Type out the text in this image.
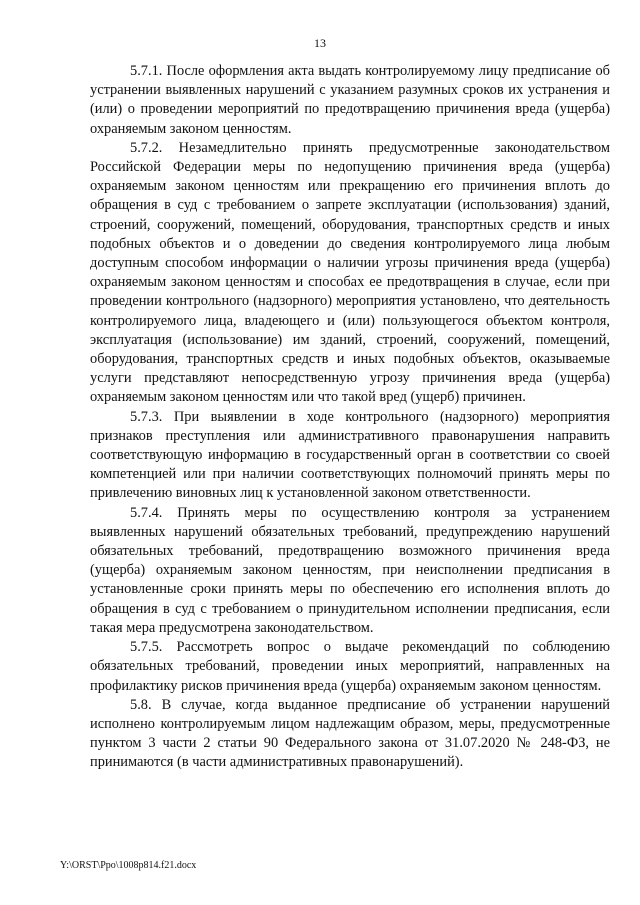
13

5.7.1. После оформления акта выдать контролируемому лицу предписание об устранении выявленных нарушений с указанием разумных сроков их устранения и (или) о проведении мероприятий по предотвращению причинения вреда (ущерба) охраняемым законом ценностям.

5.7.2. Незамедлительно принять предусмотренные законодательством Российской Федерации меры по недопущению причинения вреда (ущерба) охраняемым законом ценностям или прекращению его причинения вплоть до обращения в суд с требованием о запрете эксплуатации (использования) зданий, строений, сооружений, помещений, оборудования, транспортных средств и иных подобных объектов и о доведении до сведения контролируемого лица любым доступным способом информации о наличии угрозы причинения вреда (ущерба) охраняемым законом ценностям и способах ее предотвращения в случае, если при проведении контрольного (надзорного) мероприятия установлено, что деятельность контролируемого лица, владеющего и (или) пользующегося объектом контроля, эксплуатация (использование) им зданий, строений, сооружений, помещений, оборудования, транспортных средств и иных подобных объектов, оказываемые услуги представляют непосредственную угрозу причинения вреда (ущерба) охраняемым законом ценностям или что такой вред (ущерб) причинен.

5.7.3. При выявлении в ходе контрольного (надзорного) мероприятия признаков преступления или административного правонарушения направить соответствующую информацию в государственный орган в соответствии со своей компетенцией или при наличии соответствующих полномочий принять меры по привлечению виновных лиц к установленной законом ответственности.

5.7.4. Принять меры по осуществлению контроля за устранением выявленных нарушений обязательных требований, предупреждению нарушений обязательных требований, предотвращению возможного причинения вреда (ущерба) охраняемым законом ценностям, при неисполнении предписания в установленные сроки принять меры по обеспечению его исполнения вплоть до обращения в суд с требованием о принудительном исполнении предписания, если такая мера предусмотрена законодательством.

5.7.5. Рассмотреть вопрос о выдаче рекомендаций по соблюдению обязательных требований, проведении иных мероприятий, направленных на профилактику рисков причинения вреда (ущерба) охраняемым законом ценностям.

5.8. В случае, когда выданное предписание об устранении нарушений исполнено контролируемым лицом надлежащим образом, меры, предусмотренные пунктом 3 части 2 статьи 90 Федерального закона от 31.07.2020 № 248-ФЗ, не принимаются (в части административных правонарушений).

Y:\ORST\Ppo\1008p814.f21.docx
